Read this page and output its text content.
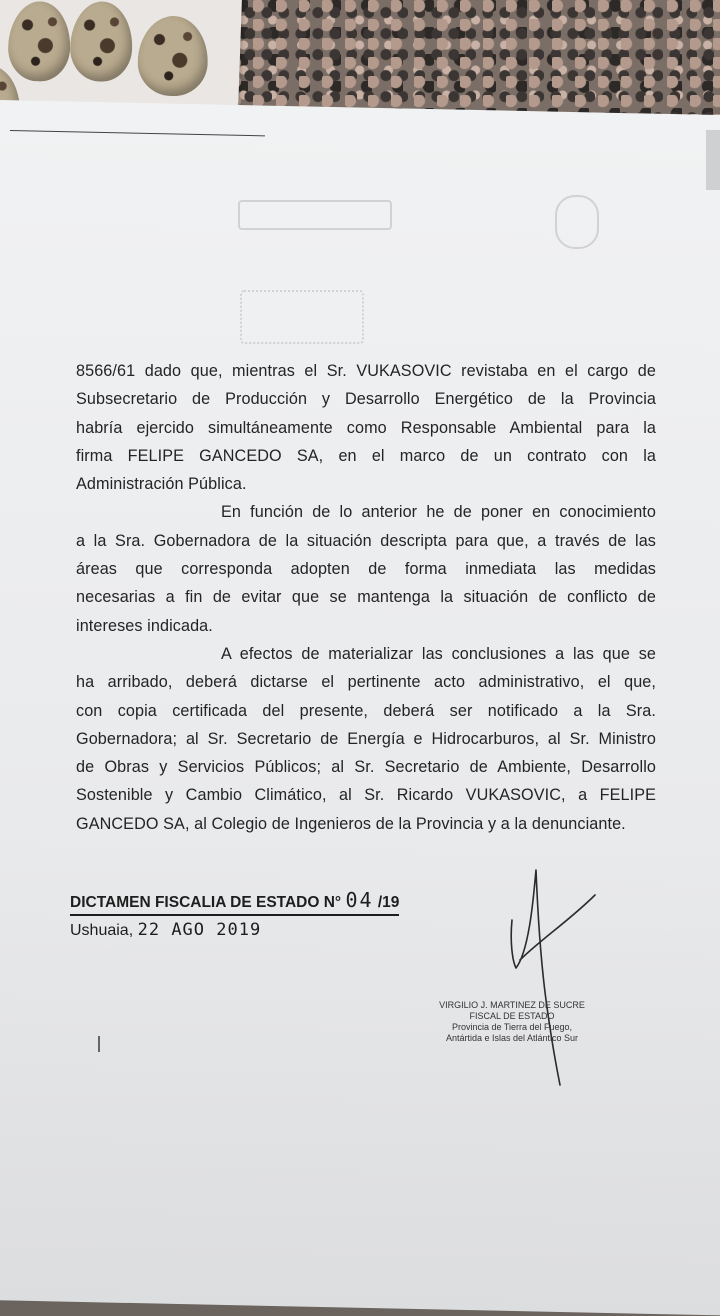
8566/61 dado que, mientras el Sr. VUKASOVIC revistaba en el cargo de
Subsecretario de Producción y Desarrollo Energético de la Provincia
habría ejercido simultáneamente como Responsable Ambiental para la
firma FELIPE GANCEDO SA, en el marco de un contrato con la
Administración Pública.
En función de lo anterior he de poner en conocimiento
a la Sra. Gobernadora de la situación descripta para que, a través de las
áreas que corresponda adopten de forma inmediata las medidas
necesarias a fin de evitar que se mantenga la situación de conflicto de
intereses indicada.
A efectos de materializar las conclusiones a las que se
ha arribado, deberá dictarse el pertinente acto administrativo, el que,
con copia certificada del presente, deberá ser notificado a la Sra.
Gobernadora; al Sr. Secretario de Energía e Hidrocarburos, al Sr. Ministro
de Obras y Servicios Públicos; al Sr. Secretario de Ambiente, Desarrollo
Sostenible y Cambio Climático, al Sr. Ricardo VUKASOVIC, a FELIPE
GANCEDO SA, al Colegio de Ingenieros de la Provincia y a la denunciante.
DICTAMEN FISCALIA DE ESTADO N° 04 /19
Ushuaia, 22 AGO 2019
VIRGILIO J. MARTINEZ DE SUCRE
FISCAL DE ESTADO
Provincia de Tierra del Fuego,
Antártida e Islas del Atlántico Sur
